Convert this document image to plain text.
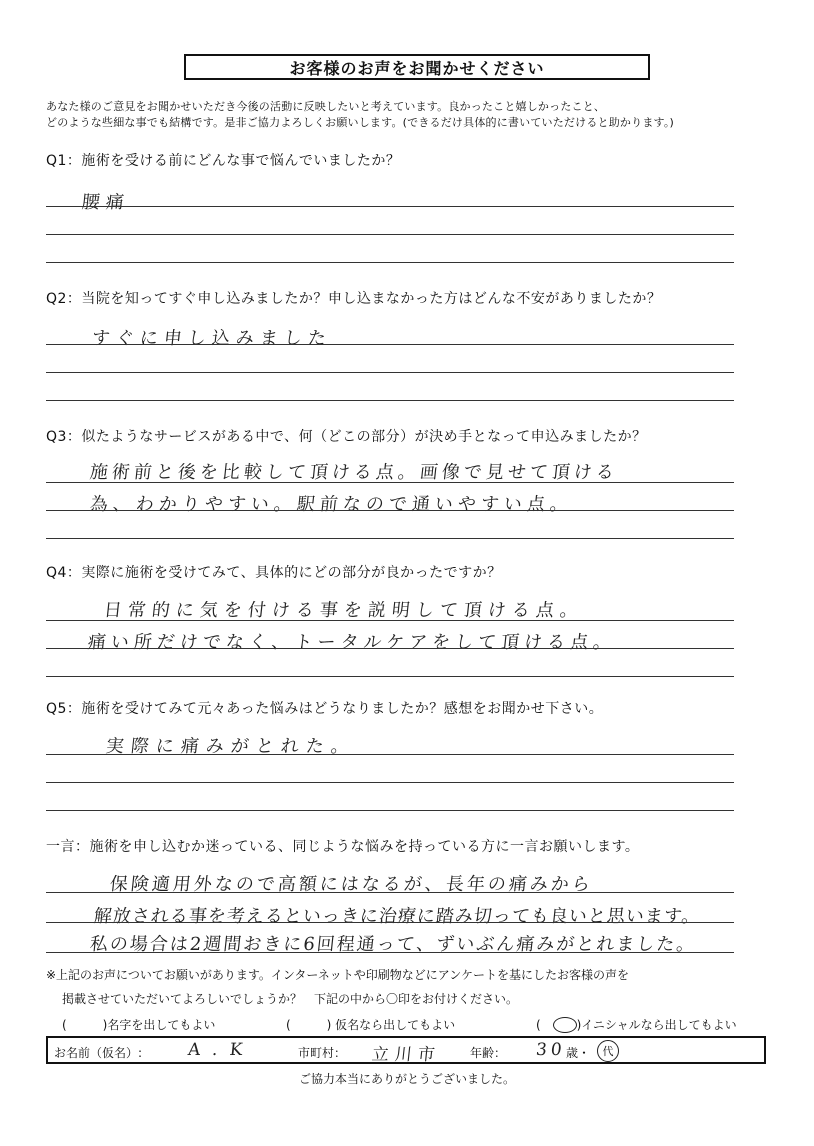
お客様のお声をお聞かせください
あなた様のご意見をお聞かせいただき今後の活動に反映したいと考えています。良かったこと嬉しかったこと、
どのような些細な事でも結構です。是非ご協力よろしくお願いします。(できるだけ具体的に書いていただけると助かります。)
Q1：施術を受ける前にどんな事で悩んでいましたか？
腰痛
Q2：当院を知ってすぐ申し込みましたか？申し込まなかった方はどんな不安がありましたか？
すぐに申し込みました
Q3：似たようなサービスがある中で、何（どこの部分）が決め手となって申込みましたか？
施術前と後を比較して頂ける点。画像で見せて頂ける
為、わかりやすい。駅前なので通いやすい点。
Q4：実際に施術を受けてみて、具体的にどの部分が良かったですか？
日常的に気を付ける事を説明して頂ける点。
痛い所だけでなく、トータルケアをして頂ける点。
Q5：施術を受けてみて元々あった悩みはどうなりましたか？感想をお聞かせ下さい。
実際に痛みがとれた。
一言：施術を申し込むか迷っている、同じような悩みを持っている方に一言お願いします。
保険適用外なので高額にはなるが、長年の痛みから
解放される事を考えるといっきに治療に踏み切っても良いと思います。
私の場合は2週間おきに6回程通って、ずいぶん痛みがとれました。
※上記のお声についてお願いがあります。インターネットや印刷物などにアンケートを基にしたお客様の声を
掲載させていただいてよろしいでしょうか？　下記の中から〇印をお付けください。
(　　　)名字を出してもよい	(　　　) 仮名なら出してもよい	(　　　)イニシャルなら出してもよい
お名前（仮名）:	A.K	市町村： 立川市 年齢： 30 歳・	代
ご協力本当にありがとうございました。
